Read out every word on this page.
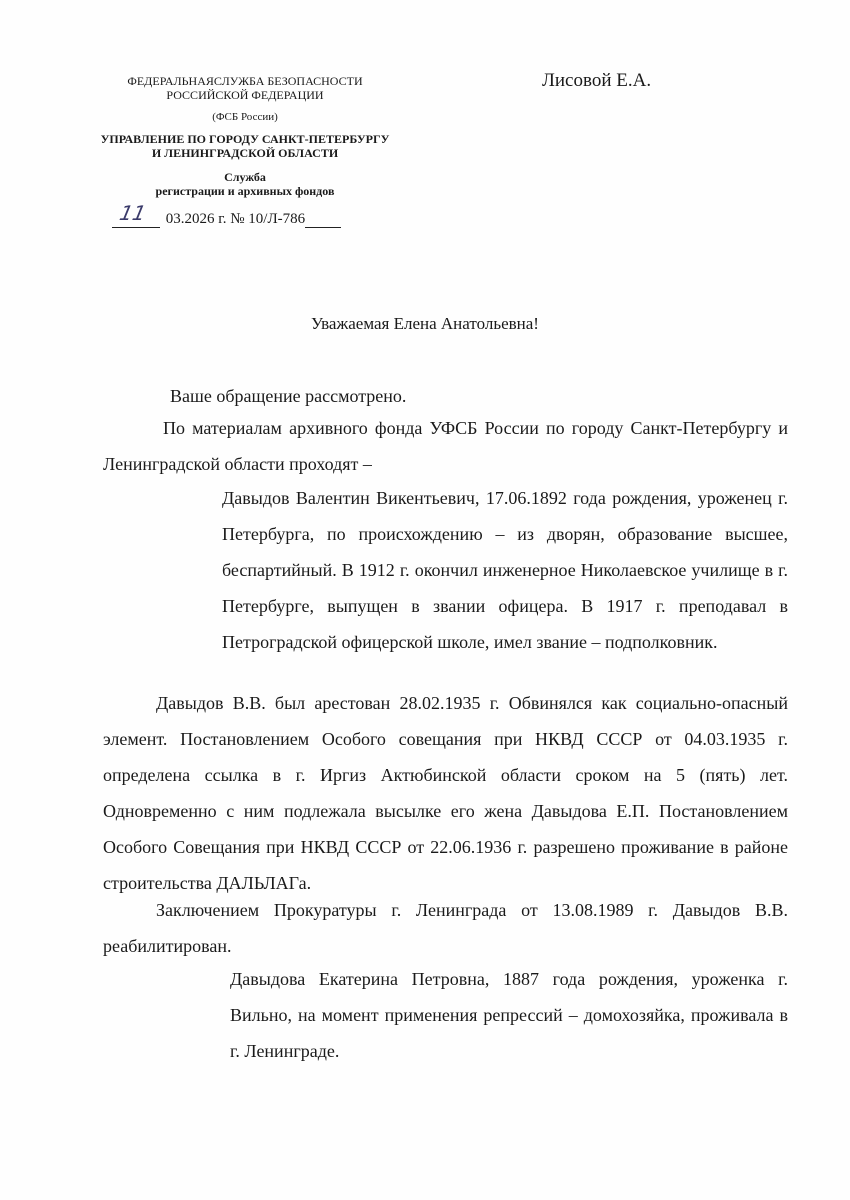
ФЕДЕРАЛЬНАЯСЛУЖБА БЕЗОПАСНОСТИ
РОССИЙСКОЙ ФЕДЕРАЦИИ
(ФСБ России)
УПРАВЛЕНИЕ ПО ГОРОДУ САНКТ-ПЕТЕРБУРГУ
И ЛЕНИНГРАДСКОЙ ОБЛАСТИ
Служба
регистрации и архивных фондов
11 03.2026 г. № 10/Л-786
Лисовой Е.А.
Уважаемая Елена Анатольевна!
Ваше обращение рассмотрено.
По материалам архивного фонда УФСБ России по городу Санкт-Петербургу и Ленинградской области проходят –
Давыдов Валентин Викентьевич, 17.06.1892 года рождения, уроженец г. Петербурга, по происхождению – из дворян, образование высшее, беспартийный. В 1912 г. окончил инженерное Николаевское училище в г. Петербурге, выпущен в звании офицера. В 1917 г. преподавал в Петроградской офицерской школе, имел звание – подполковник.
Давыдов В.В. был арестован 28.02.1935 г. Обвинялся как социально-опасный элемент. Постановлением Особого совещания при НКВД СССР от 04.03.1935 г. определена ссылка в г. Иргиз Актюбинской области сроком на 5 (пять) лет. Одновременно с ним подлежала высылке его жена Давыдова Е.П. Постановлением Особого Совещания при НКВД СССР от 22.06.1936 г. разрешено проживание в районе строительства ДАЛЬЛАГа.
Заключением Прокуратуры г. Ленинграда от 13.08.1989 г. Давыдов В.В. реабилитирован.
Давыдова Екатерина Петровна, 1887 года рождения, уроженка г. Вильно, на момент применения репрессий – домохозяйка, проживала в г. Ленинграде.
